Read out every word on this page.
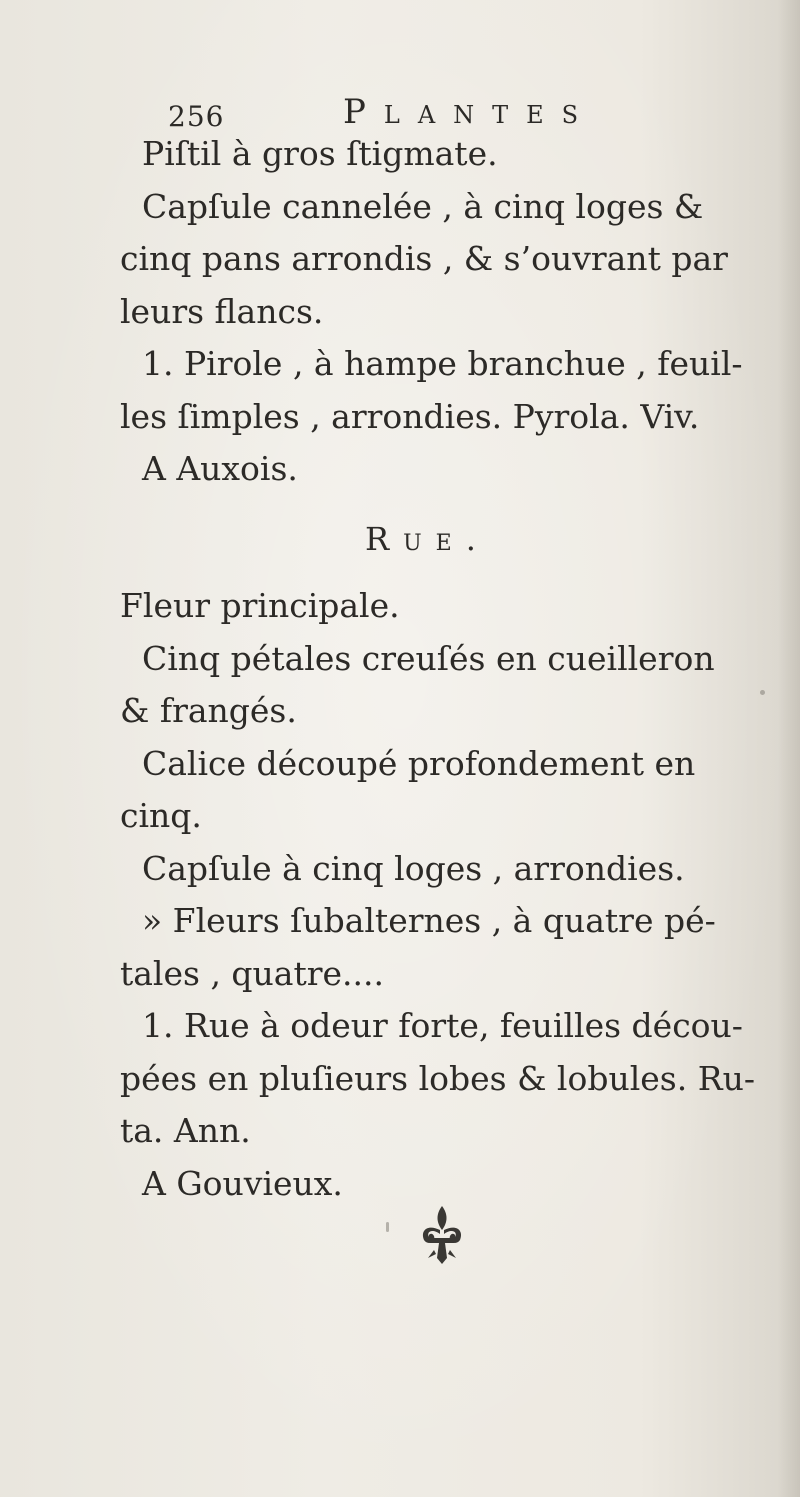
256	Plantes
Piſtil à gros ſtigmate.
Capſule cannelée , à cinq loges &
cinq pans arrondis , & s’ouvrant par
leurs flancs.
1. Pirole , à hampe branchue , feuil-
les ſimples , arrondies. Pyrola. Viv.
A Auxois.
Rue.
Fleur principale.
Cinq pétales creuſés en cueilleron
& frangés.
Calice découpé profondement en
cinq.
Capſule à cinq loges , arrondies.
» Fleurs ſubalternes , à quatre pé-
tales , quatre....
1. Rue à odeur forte, feuilles décou-
pées en pluſieurs lobes & lobules. Ru-
ta. Ann.
A Gouvieux.
